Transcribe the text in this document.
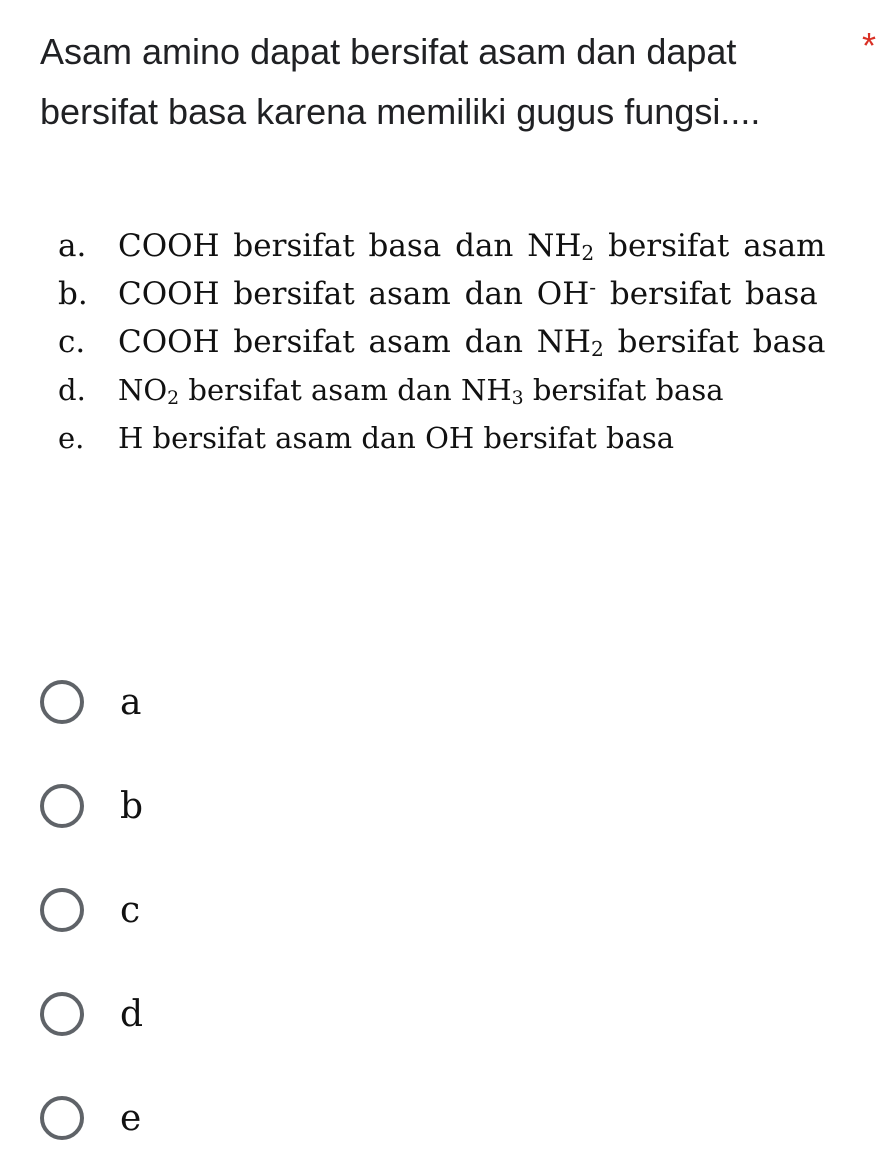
Asam amino dapat bersifat asam dan dapat bersifat basa karena memiliki gugus fungsi....
*
a. COOH bersifat basa dan $NH_2$ bersifat asam
b. COOH bersifat asam dan OH- bersifat basa
c. COOH bersifat asam dan $NH_2$ bersifat basa
d. $NO_2$ bersifat asam dan $NH_3$ bersifat basa
e. H bersifat asam dan OH bersifat basa
a
b
c
d
e
